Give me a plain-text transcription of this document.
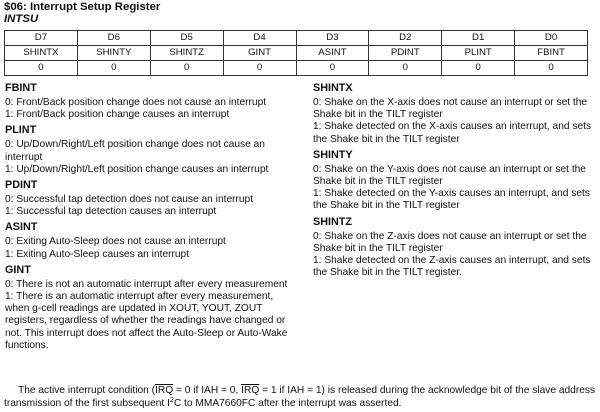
$06: Interrupt Setup Register
INTSU
D7	D6	D5	D4	D3	D2	D1	D0
SHINTX	SHINTY	SHINTZ	GINT	ASINT	PDINT	PLINT	FBINT
0	0	0	0	0	0	0	0

FBINT

0: Front/Back position change does not cause an interrupt

1: Front/Back position change causes an interrupt

PLINT

0: Up/Down/Right/Left position change does not cause an interrupt

1: Up/Down/Right/Left position change causes an interrupt

PDINT

0: Successful tap detection does not cause an interrupt

1: Successful tap detection causes an interrupt

ASINT

0: Exiting Auto-Sleep does not cause an interrupt

1: Exiting Auto-Sleep causes an interrupt

GINT

0: There is not an automatic interrupt after every measurement

1: There is an automatic interrupt after every measurement, when g-cell readings are updated in XOUT, YOUT, ZOUT registers, regardless of whether the readings have changed or not. This interrupt does not affect the Auto-Sleep or Auto-Wake functions.

SHINTX

0: Shake on the X-axis does not cause an interrupt or set the Shake bit in the TILT register

1: Shake detected on the X-axis causes an interrupt, and sets the Shake bit in the TILT register

SHINTY

0: Shake on the Y-axis does not cause an interrupt or set the Shake bit in the TILT register

1: Shake detected on the Y-axis causes an interrupt, and sets the Shake bit in the TILT register

SHINTZ

0: Shake on the Z-axis does not cause an interrupt or set the Shake bit in the TILT register

1: Shake detected on the Z-axis causes an interrupt, and sets the Shake bit in the TILT register.

The active interrupt condition ($\overline{IRQ} = 0$ if IAH = 0, $\overline{IRQ} = 1$ if IAH = 1) is released during the acknowledge bit of the slave address

transmission of the first subsequent $I^2C$ to MMA7660FC after the interrupt was asserted.
